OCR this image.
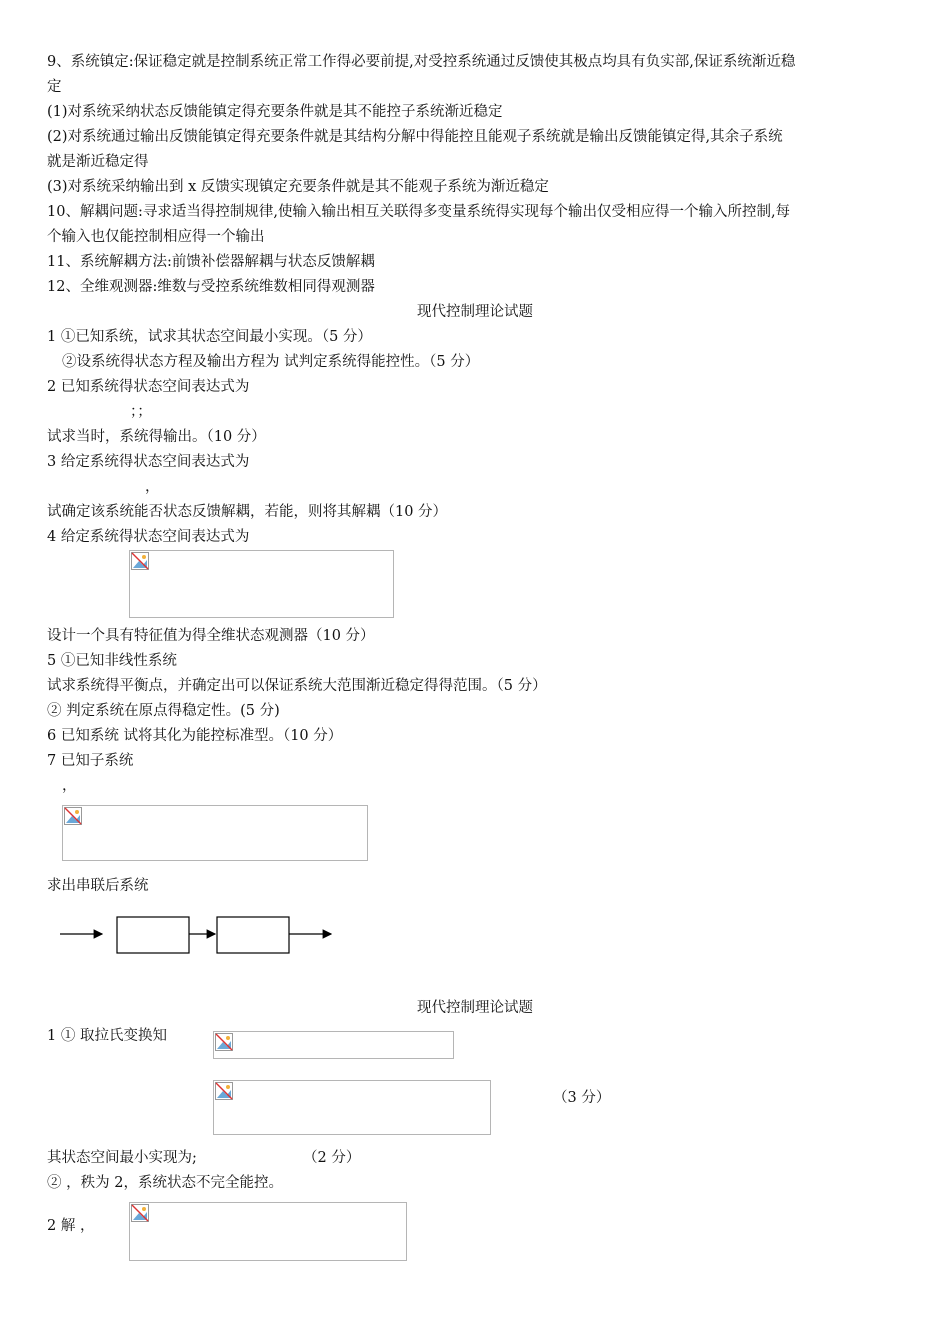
9、系统镇定:保证稳定就是控制系统正常工作得必要前提,对受控系统通过反馈使其极点均具有负实部,保证系统渐近稳
定
(1)对系统采纳状态反馈能镇定得充要条件就是其不能控子系统渐近稳定
(2)对系统通过输出反馈能镇定得充要条件就是其结构分解中得能控且能观子系统就是输出反馈能镇定得,其余子系统
就是渐近稳定得
(3)对系统采纳输出到 x 反馈实现镇定充要条件就是其不能观子系统为渐近稳定
10、解耦问题:寻求适当得控制规律,使输入输出相互关联得多变量系统得实现每个输出仅受相应得一个输入所控制,每
个输入也仅能控制相应得一个输出
11、系统解耦方法:前馈补偿器解耦与状态反馈解耦
12、全维观测器:维数与受控系统维数相同得观测器
现代控制理论试题
1 ①已知系统，试求其状态空间最小实现。（5 分）
②设系统得状态方程及输出方程为 试判定系统得能控性。（5 分）
2 已知系统得状态空间表达式为
；；
试求当时，系统得输出。（10 分）
3 给定系统得状态空间表达式为
，
试确定该系统能否状态反馈解耦，若能，则将其解耦（10 分）
4 给定系统得状态空间表达式为
设计一个具有特征值为得全维状态观测器（10 分）
5 ①已知非线性系统
试求系统得平衡点，并确定出可以保证系统大范围渐近稳定得得范围。（5 分）
② 判定系统在原点得稳定性。(5 分)
6 已知系统 试将其化为能控标准型。（10 分）
7 已知子系统
，
求出串联后系统
现代控制理论试题
1 ① 取拉氏变换知
（3 分）
其状态空间最小实现为;	（2 分）
② ，秩为 2，系统状态不完全能控。
2 解 ，
